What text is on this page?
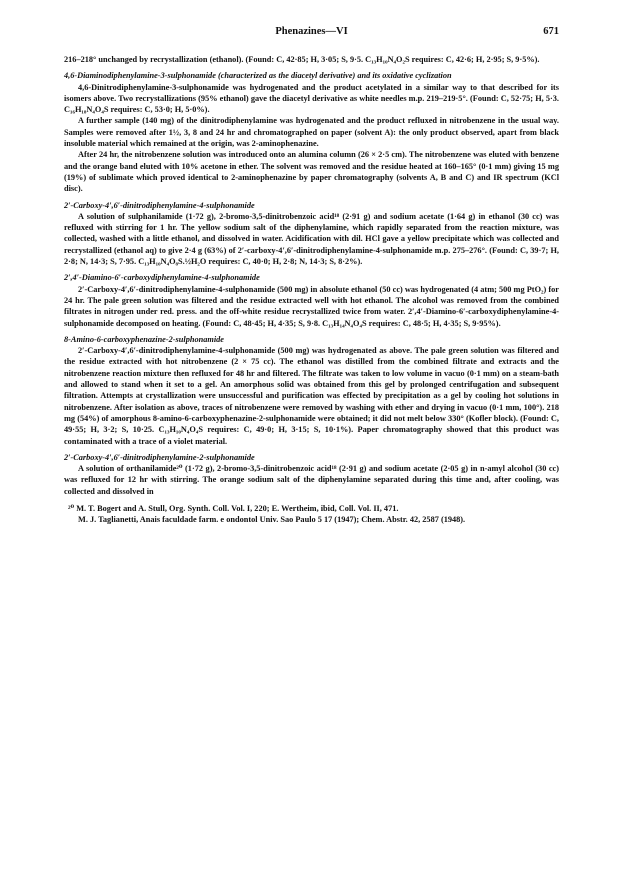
Phenazines—VI	671

216–218° unchanged by recrystallization (ethanol). (Found: C, 42·85; H, 3·05; S, 9·5. C₁₃H₁₀N₄O₂S requires: C, 42·6; H, 2·95; S, 9·5%).

4,6-Diaminodiphenylamine-3-sulphonamide (characterized as the diacetyl derivative) and its oxidative cyclization

4,6-Dinitrodiphenylamine-3-sulphonamide was hydrogenated and the product acetylated in a similar way to that described for its isomers above. Two recrystallizations (95% ethanol) gave the diacetyl derivative as white needles m.p. 219–219·5°. (Found: C, 52·75; H, 5·3. C₁₆H₁₈N₄O₄S requires: C, 53·0; H, 5·0%).

A further sample (140 mg) of the dinitrodiphenylamine was hydrogenated and the product refluxed in nitrobenzene in the usual way. Samples were removed after 1½, 3, 8 and 24 hr and chromatographed on paper (solvent A): the only product observed, apart from black insoluble material which remained at the origin, was 2-aminophenazine.

After 24 hr, the nitrobenzene solution was introduced onto an alumina column (26 × 2·5 cm). The nitrobenzene was eluted with benzene and the orange band eluted with 10% acetone in ether. The solvent was removed and the residue heated at 160–165° (0·1 mm) giving 15 mg (19%) of sublimate which proved identical to 2-aminophenazine by paper chromatography (solvents A, B and C) and IR spectrum (KCl disc).

2′-Carboxy-4′,6′-dinitrodiphenylamine-4-sulphonamide

A solution of sulphanilamide (1·72 g), 2-bromo-3,5-dinitrobenzoic acid¹⁸ (2·91 g) and sodium acetate (1·64 g) in ethanol (30 cc) was refluxed with stirring for 1 hr. The yellow sodium salt of the diphenylamine, which rapidly separated from the reaction mixture, was collected, washed with a little ethanol, and dissolved in water. Acidification with dil. HCl gave a yellow precipitate which was collected and recrystallized (ethanol aq) to give 2·4 g (63%) of 2′-carboxy-4′,6′-dinitrodiphenylamine-4-sulphonamide m.p. 275–276°. (Found: C, 39·7; H, 2·8; N, 14·3; S, 7·95. C₁₃H₁₀N₄O₈S.½H₂O requires: C, 40·0; H, 2·8; N, 14·3; S, 8·2%).

2′,4′-Diamino-6′-carboxydiphenylamine-4-sulphonamide

2′-Carboxy-4′,6′-dinitrodiphenylamine-4-sulphonamide (500 mg) in absolute ethanol (50 cc) was hydrogenated (4 atm; 500 mg PtO₂) for 24 hr. The pale green solution was filtered and the residue extracted well with hot ethanol. The alcohol was removed from the combined filtrates in nitrogen under red. press. and the off-white residue recrystallized twice from water. 2′,4′-Diamino-6′-carboxydiphenylamine-4-sulphonamide decomposed on heating. (Found: C, 48·45; H, 4·35; S, 9·8. C₁₃H₁₄N₄O₄S requires: C, 48·5; H, 4·35; S, 9·95%).

8-Amino-6-carboxyphenazine-2-sulphonamide

2′-Carboxy-4′,6′-dinitrodiphenylamine-4-sulphonamide (500 mg) was hydrogenated as above. The pale green solution was filtered and the residue extracted with hot nitrobenzene (2 × 75 cc). The ethanol was distilled from the combined filtrate and extracts and the nitrobenzene reaction mixture then refluxed for 48 hr and filtered. The filtrate was taken to low volume in vacuo (0·1 mm) on a steam-bath and allowed to stand when it set to a gel. An amorphous solid was obtained from this gel by prolonged centrifugation and subsequent filtration. Attempts at crystallization were unsuccessful and purification was effected by precipitation as a gel by cooling hot solutions in nitrobenzene. After isolation as above, traces of nitrobenzene were removed by washing with ether and drying in vacuo (0·1 mm, 100°). 218 mg (54%) of amorphous 8-amino-6-carboxyphenazine-2-sulphonamide were obtained; it did not melt below 330° (Kofler block). (Found: C, 49·55; H, 3·2; S, 10·25. C₁₃H₁₀N₄O₄S requires: C, 49·0; H, 3·15; S, 10·1%). Paper chromatography showed that this product was contaminated with a trace of a violet material.

2′-Carboxy-4′,6′-dinitrodiphenylamine-2-sulphonamide

A solution of orthanilamide²⁰ (1·72 g), 2-bromo-3,5-dinitrobenzoic acid¹⁸ (2·91 g) and sodium acetate (2·05 g) in n-amyl alcohol (30 cc) was refluxed for 12 hr with stirring. The orange sodium salt of the diphenylamine separated during this time and, after cooling, was collected and dissolved in

²⁰ M. T. Bogert and A. Stull, Org. Synth. Coll. Vol. I, 220; E. Wertheim, ibid, Coll. Vol. II, 471.

M. J. Taglianetti, Anais faculdade farm. e ondontol Univ. Sao Paulo 5 17 (1947); Chem. Abstr. 42, 2587 (1948).
